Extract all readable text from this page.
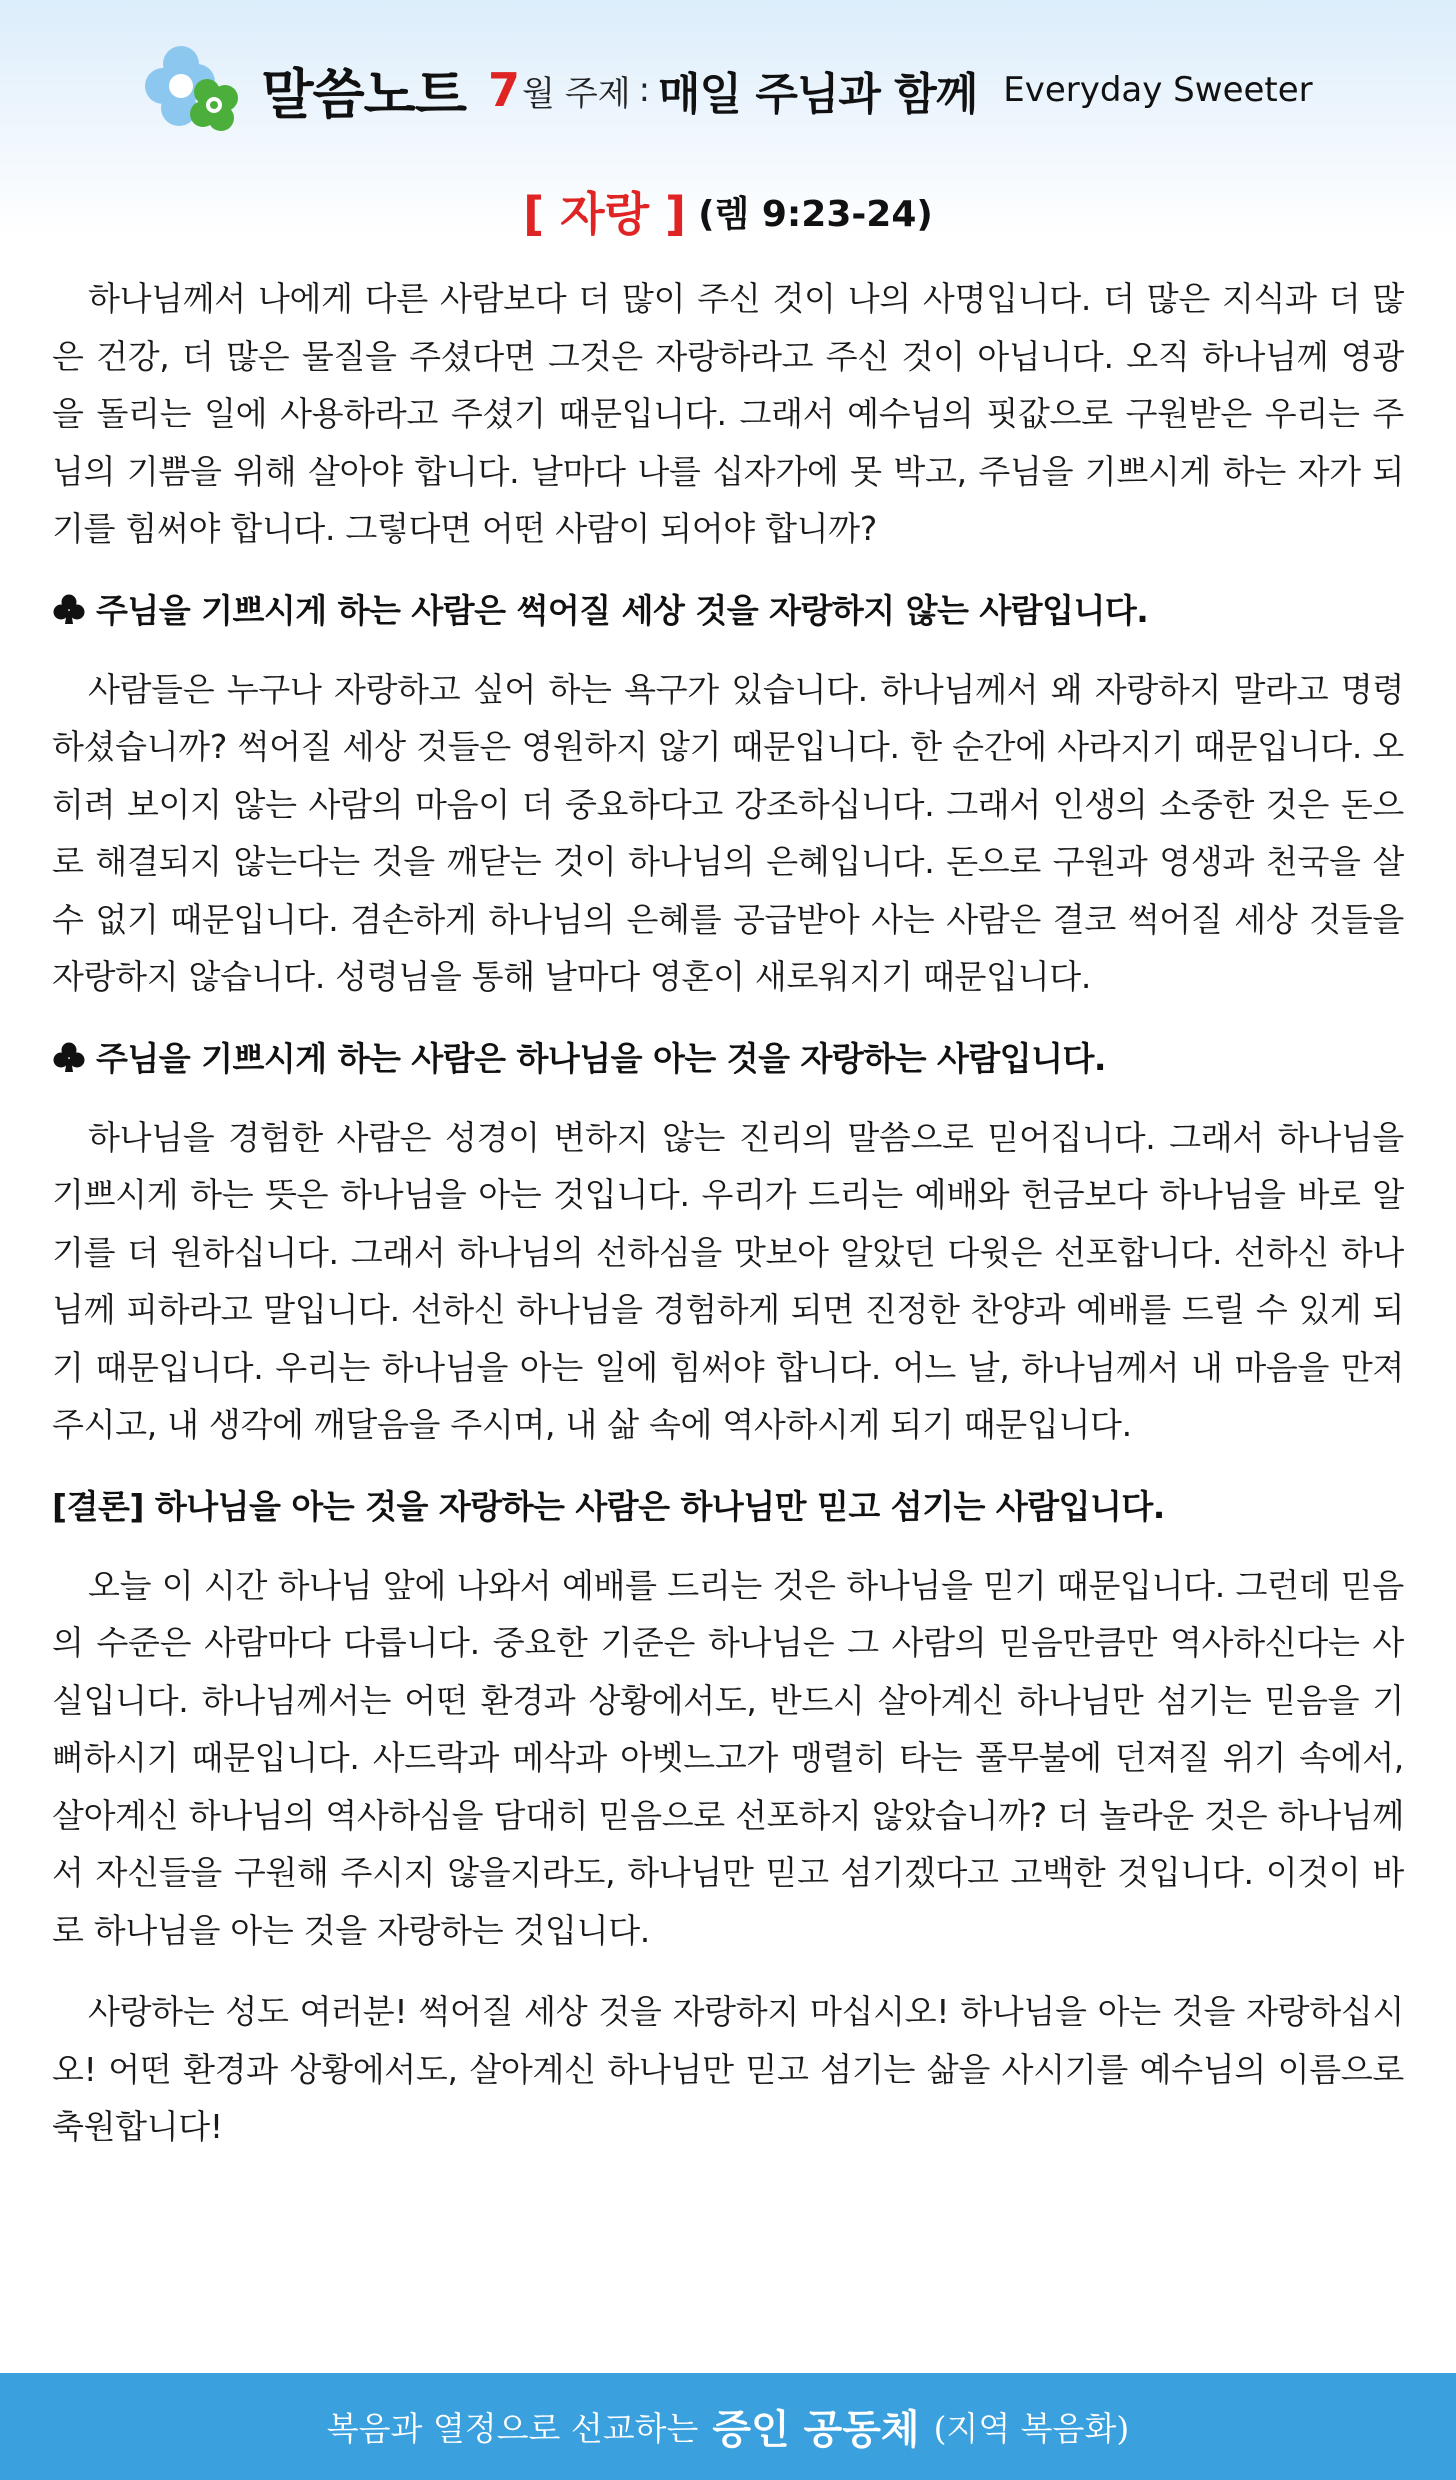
말씀노트 7 월 주제 : 매일 주님과 함께 Everyday Sweeter
[ 자랑 ] (렘 9:23-24)

하나님께서 나에게 다른 사람보다 더 많이 주신 것이 나의 사명입니다. 더 많은 지식과 더 많은 건강, 더 많은 물질을 주셨다면 그것은 자랑하라고 주신 것이 아닙니다. 오직 하나님께 영광을 돌리는 일에 사용하라고 주셨기 때문입니다. 그래서 예수님의 핏값으로 구원받은 우리는 주님의 기쁨을 위해 살아야 합니다. 날마다 나를 십자가에 못 박고, 주님을 기쁘시게 하는 자가 되기를 힘써야 합니다. 그렇다면 어떤 사람이 되어야 합니까?

주님을 기쁘시게 하는 사람은 썩어질 세상 것을 자랑하지 않는 사람입니다.

사람들은 누구나 자랑하고 싶어 하는 욕구가 있습니다. 하나님께서 왜 자랑하지 말라고 명령하셨습니까? 썩어질 세상 것들은 영원하지 않기 때문입니다. 한 순간에 사라지기 때문입니다. 오히려 보이지 않는 사람의 마음이 더 중요하다고 강조하십니다. 그래서 인생의 소중한 것은 돈으로 해결되지 않는다는 것을 깨닫는 것이 하나님의 은혜입니다. 돈으로 구원과 영생과 천국을 살 수 없기 때문입니다. 겸손하게 하나님의 은혜를 공급받아 사는 사람은 결코 썩어질 세상 것들을 자랑하지 않습니다. 성령님을 통해 날마다 영혼이 새로워지기 때문입니다.

주님을 기쁘시게 하는 사람은 하나님을 아는 것을 자랑하는 사람입니다.

하나님을 경험한 사람은 성경이 변하지 않는 진리의 말씀으로 믿어집니다. 그래서 하나님을 기쁘시게 하는 뜻은 하나님을 아는 것입니다. 우리가 드리는 예배와 헌금보다 하나님을 바로 알기를 더 원하십니다. 그래서 하나님의 선하심을 맛보아 알았던 다윗은 선포합니다. 선하신 하나님께 피하라고 말입니다. 선하신 하나님을 경험하게 되면 진정한 찬양과 예배를 드릴 수 있게 되기 때문입니다. 우리는 하나님을 아는 일에 힘써야 합니다. 어느 날, 하나님께서 내 마음을 만져주시고, 내 생각에 깨달음을 주시며, 내 삶 속에 역사하시게 되기 때문입니다.

[결론] 하나님을 아는 것을 자랑하는 사람은 하나님만 믿고 섬기는 사람입니다.

오늘 이 시간 하나님 앞에 나와서 예배를 드리는 것은 하나님을 믿기 때문입니다. 그런데 믿음의 수준은 사람마다 다릅니다. 중요한 기준은 하나님은 그 사람의 믿음만큼만 역사하신다는 사실입니다. 하나님께서는 어떤 환경과 상황에서도, 반드시 살아계신 하나님만 섬기는 믿음을 기뻐하시기 때문입니다. 사드락과 메삭과 아벳느고가 맹렬히 타는 풀무불에 던져질 위기 속에서, 살아계신 하나님의 역사하심을 담대히 믿음으로 선포하지 않았습니까? 더 놀라운 것은 하나님께서 자신들을 구원해 주시지 않을지라도, 하나님만 믿고 섬기겠다고 고백한 것입니다. 이것이 바로 하나님을 아는 것을 자랑하는 것입니다.

사랑하는 성도 여러분! 썩어질 세상 것을 자랑하지 마십시오! 하나님을 아는 것을 자랑하십시오! 어떤 환경과 상황에서도, 살아계신 하나님만 믿고 섬기는 삶을 사시기를 예수님의 이름으로 축원합니다!

복음과 열정으로 선교하는 증인 공동체 (지역 복음화)
